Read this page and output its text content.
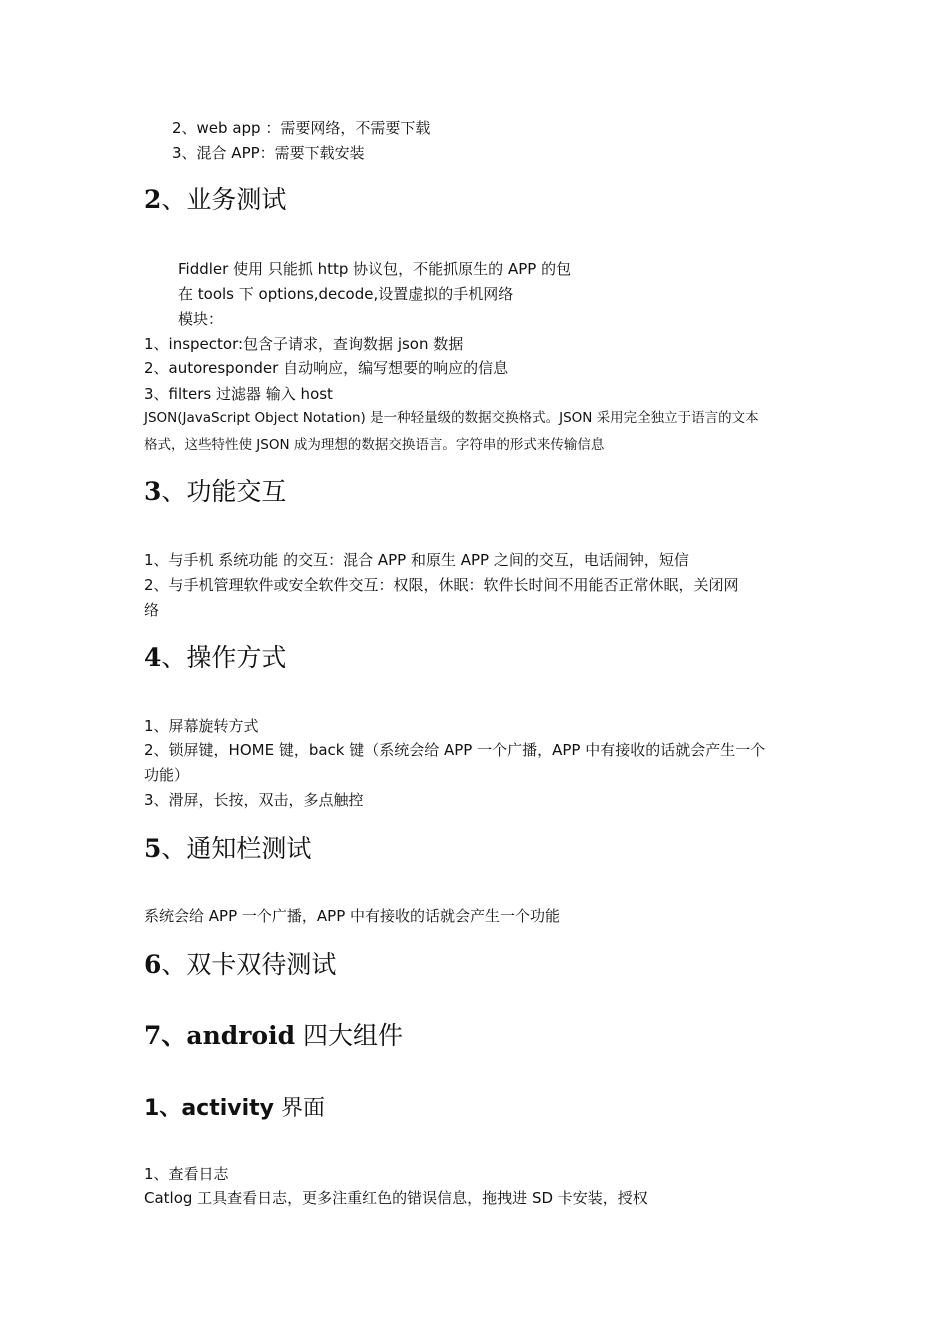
2、web app ：需要网络，不需要下载
3、混合 APP：需要下载安装
2、业务测试
Fiddler 使用 只能抓 http 协议包，不能抓原生的 APP 的包
在 tools 下 options,decode,设置虚拟的手机网络
模块：
1、inspector:包含子请求，查询数据 json 数据
2、autoresponder 自动响应，编写想要的响应的信息
3、filters 过滤器 输入 host
JSON(JavaScript Object Notation) 是一种轻量级的数据交换格式。JSON 采用完全独立于语言的文本
格式，这些特性使 JSON 成为理想的数据交换语言。字符串的形式来传输信息
3、功能交互
1、与手机 系统功能 的交互：混合 APP 和原生 APP 之间的交互，电话闹钟，短信
2、与手机管理软件或安全软件交互：权限，休眠：软件长时间不用能否正常休眠，关闭网
络
4、操作方式
1、屏幕旋转方式
2、锁屏键，HOME 键，back 键（系统会给 APP 一个广播，APP 中有接收的话就会产生一个
功能）
3、滑屏，长按，双击，多点触控
5、通知栏测试
系统会给 APP 一个广播，APP 中有接收的话就会产生一个功能
6、双卡双待测试
7、android 四大组件
1、activity 界面
1、查看日志
Catlog 工具查看日志，更多注重红色的错误信息，拖拽进 SD 卡安装，授权
